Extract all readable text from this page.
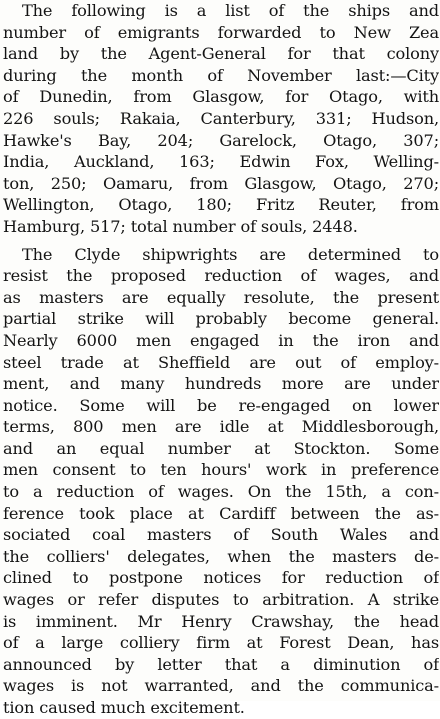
The following is a list of the ships and
number of emigrants forwarded to New Zea
land by the Agent-General for that colony
during the month of November last:—City
of Dunedin, from Glasgow, for Otago, with
226 souls; Rakaia, Canterbury, 331; Hudson,
Hawke's Bay, 204; Garelock, Otago, 307;
India, Auckland, 163; Edwin Fox, Welling-
ton, 250; Oamaru, from Glasgow, Otago, 270;
Wellington, Otago, 180; Fritz Reuter, from
Hamburg, 517; total number of souls, 2448.
The Clyde shipwrights are determined to
resist the proposed reduction of wages, and
as masters are equally resolute, the present
partial strike will probably become general.
Nearly 6000 men engaged in the iron and
steel trade at Sheffield are out of employ-
ment, and many hundreds more are under
notice. Some will be re-engaged on lower
terms, 800 men are idle at Middlesborough,
and an equal number at Stockton. Some
men consent to ten hours' work in preference
to a reduction of wages. On the 15th, a con-
ference took place at Cardiff between the as-
sociated coal masters of South Wales and
the colliers' delegates, when the masters de-
clined to postpone notices for reduction of
wages or refer disputes to arbitration. A strike
is imminent. Mr Henry Crawshay, the head
of a large colliery firm at Forest Dean, has
announced by letter that a diminution of
wages is not warranted, and the communica-
tion caused much excitement.
